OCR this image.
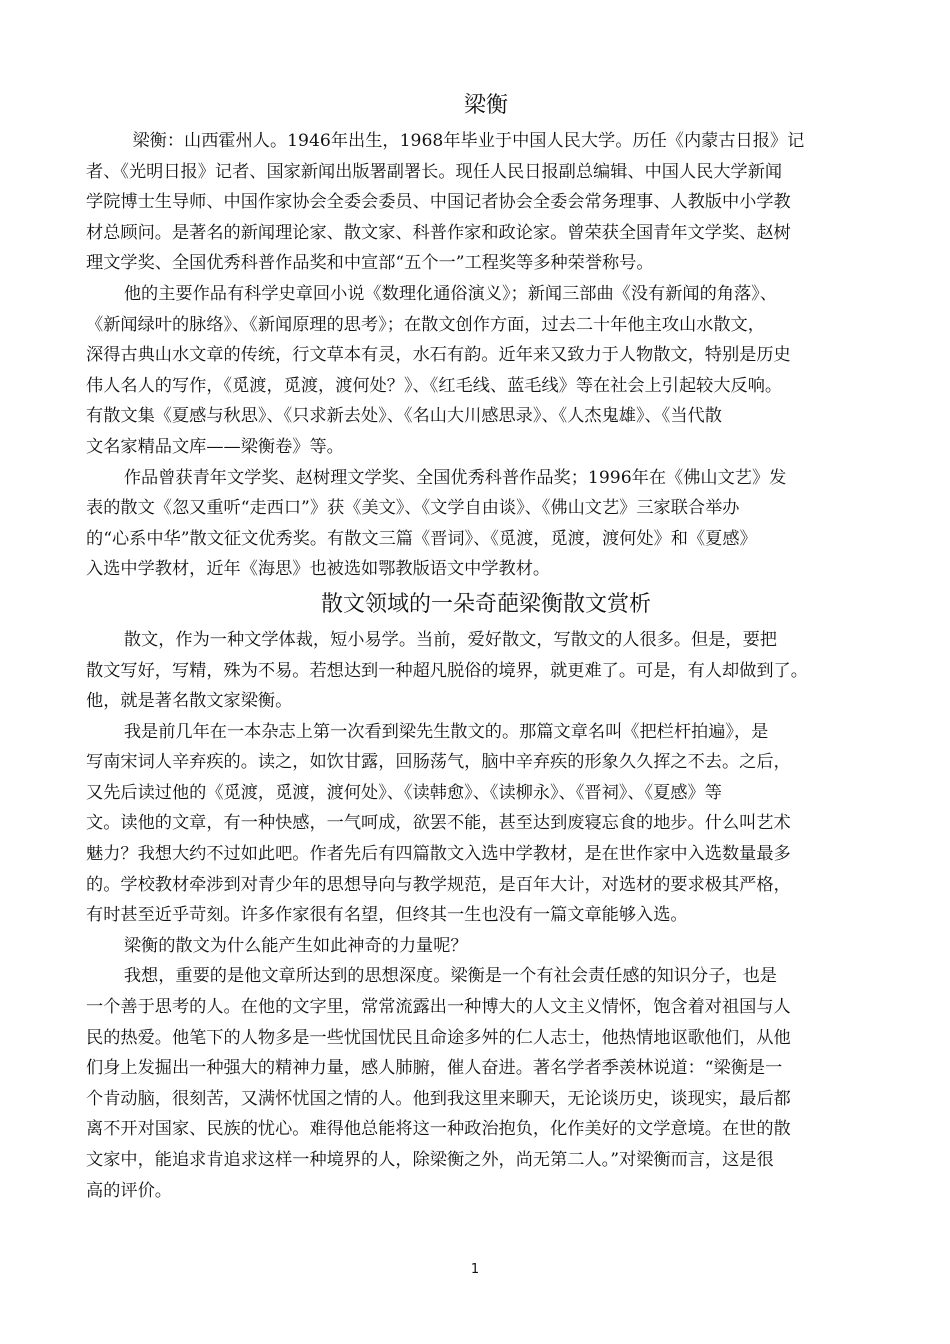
梁衡

梁衡：山西霍州人。1946年出生，1968年毕业于中国人民大学。历任《内蒙古日报》记
者、《光明日报》记者、国家新闻出版署副署长。现任人民日报副总编辑、中国人民大学新闻
学院博士生导师、中国作家协会全委会委员、中国记者协会全委会常务理事、人教版中小学教
材总顾问。是著名的新闻理论家、散文家、科普作家和政论家。曾荣获全国青年文学奖、赵树
理文学奖、全国优秀科普作品奖和中宣部“五个一”工程奖等多种荣誉称号。

他的主要作品有科学史章回小说《数理化通俗演义》；新闻三部曲《没有新闻的角落》、
《新闻绿叶的脉络》、《新闻原理的思考》；在散文创作方面，过去二十年他主攻山水散文，
深得古典山水文章的传统，行文草本有灵，水石有韵。近年来又致力于人物散文，特别是历史
伟人名人的写作，《觅渡，觅渡，渡何处？》、《红毛线、蓝毛线》等在社会上引起较大反响。
有散文集《夏感与秋思》、《只求新去处》、《名山大川感思录》、《人杰鬼雄》、《当代散
文名家精品文库——梁衡卷》等。

作品曾获青年文学奖、赵树理文学奖、全国优秀科普作品奖；1996年在《佛山文艺》发
表的散文《忽又重听“走西口”》获《美文》、《文学自由谈》、《佛山文艺》三家联合举办
的“心系中华”散文征文优秀奖。有散文三篇《晋词》、《觅渡，觅渡，渡何处》和《夏感》
入选中学教材，近年《海思》也被选如鄂教版语文中学教材。

散文领域的一朵奇葩梁衡散文赏析

散文，作为一种文学体裁，短小易学。当前，爱好散文，写散文的人很多。但是，要把
散文写好，写精，殊为不易。若想达到一种超凡脱俗的境界，就更难了。可是，有人却做到了。
他，就是著名散文家梁衡。

我是前几年在一本杂志上第一次看到梁先生散文的。那篇文章名叫《把栏杆拍遍》，是
写南宋词人辛弃疾的。读之，如饮甘露，回肠荡气，脑中辛弃疾的形象久久挥之不去。之后，
又先后读过他的《觅渡，觅渡，渡何处》、《读韩愈》、《读柳永》、《晋祠》、《夏感》等
文。读他的文章，有一种快感，一气呵成，欲罢不能，甚至达到废寝忘食的地步。什么叫艺术
魅力？我想大约不过如此吧。作者先后有四篇散文入选中学教材，是在世作家中入选数量最多
的。学校教材牵涉到对青少年的思想导向与教学规范，是百年大计，对选材的要求极其严格，
有时甚至近乎苛刻。许多作家很有名望，但终其一生也没有一篇文章能够入选。

梁衡的散文为什么能产生如此神奇的力量呢？

我想，重要的是他文章所达到的思想深度。梁衡是一个有社会责任感的知识分子，也是
一个善于思考的人。在他的文字里，常常流露出一种博大的人文主义情怀，饱含着对祖国与人
民的热爱。他笔下的人物多是一些忧国忧民且命途多舛的仁人志士，他热情地讴歌他们，从他
们身上发掘出一种强大的精神力量，感人肺腑，催人奋进。著名学者季羡林说道：“梁衡是一
个肯动脑，很刻苦，又满怀忧国之情的人。他到我这里来聊天，无论谈历史，谈现实，最后都
离不开对国家、民族的忧心。难得他总能将这一种政治抱负，化作美好的文学意境。在世的散
文家中，能追求肯追求这样一种境界的人，除梁衡之外，尚无第二人。”对梁衡而言，这是很
高的评价。

1
